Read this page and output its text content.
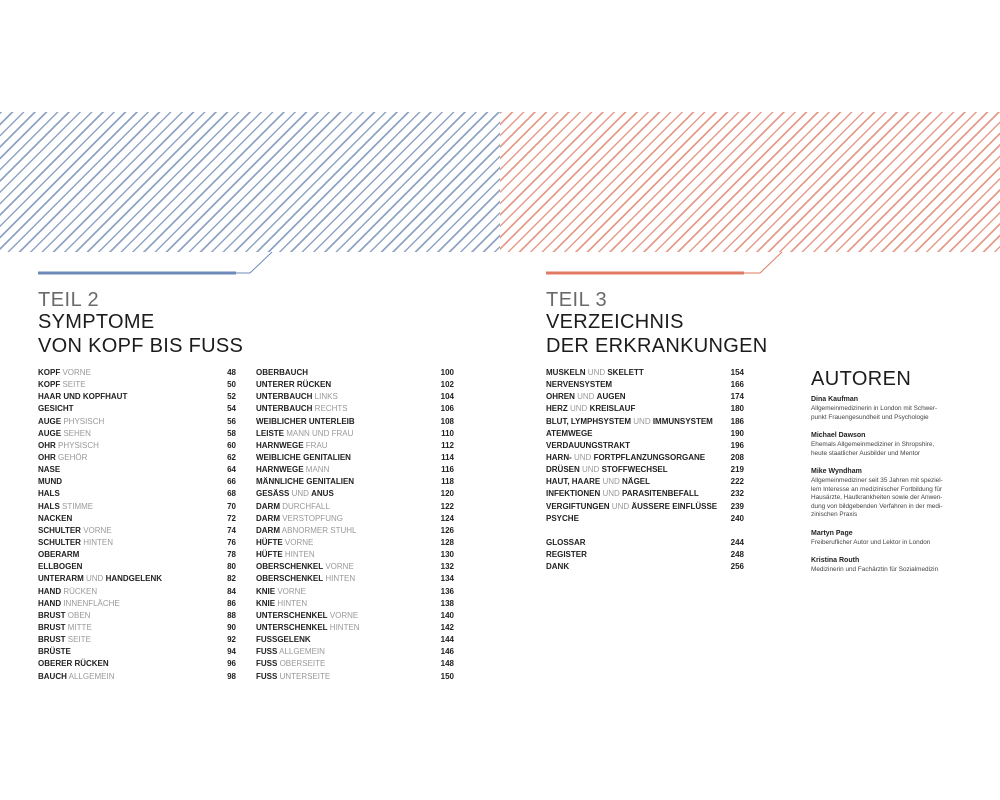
TEIL 2
SYMPTOME
VON KOPF BIS FUSS
TEIL 3
VERZEICHNIS
DER ERKRANKUNGEN
KOPF VORNE	48
KOPF SEITE	50
HAAR UND KOPFHAUT	52
GESICHT	54
AUGE PHYSISCH	56
AUGE SEHEN	58
OHR PHYSISCH	60
OHR GEHÖR	62
NASE	64
MUND	66
HALS	68
HALS STIMME	70
NACKEN	72
SCHULTER VORNE	74
SCHULTER HINTEN	76
OBERARM	78
ELLBOGEN	80
UNTERARM UND HANDGELENK	82
HAND RÜCKEN	84
HAND INNENFLÄCHE	86
BRUST OBEN	88
BRUST MITTE	90
BRUST SEITE	92
BRÜSTE	94
OBERER RÜCKEN	96
BAUCH ALLGEMEIN	98
OBERBAUCH	100
UNTERER RÜCKEN	102
UNTERBAUCH LINKS	104
UNTERBAUCH RECHTS	106
WEIBLICHER UNTERLEIB	108
LEISTE MANN UND FRAU	110
HARNWEGE FRAU	112
WEIBLICHE GENITALIEN	114
HARNWEGE MANN	116
MÄNNLICHE GENITALIEN	118
GESÄSS UND ANUS	120
DARM DURCHFALL	122
DARM VERSTOPFUNG	124
DARM ABNORMER STUHL	126
HÜFTE VORNE	128
HÜFTE HINTEN	130
OBERSCHENKEL VORNE	132
OBERSCHENKEL HINTEN	134
KNIE VORNE	136
KNIE HINTEN	138
UNTERSCHENKEL VORNE	140
UNTERSCHENKEL HINTEN	142
FUSSGELENK	144
FUSS ALLGEMEIN	146
FUSS OBERSEITE	148
FUSS UNTERSEITE	150
MUSKELN UND SKELETT	154
NERVENSYSTEM	166
OHREN UND AUGEN	174
HERZ UND KREISLAUF	180
BLUT, LYMPHSYSTEM UND IMMUNSYSTEM 186
ATEMWEGE	190
VERDAUUNGSTRAKT	196
HARN- UND FORTPFLANZUNGSORGANE	208
DRÜSEN UND STOFFWECHSEL	219
HAUT, HAARE UND NÄGEL	222
INFEKTIONEN UND PARASITENBEFALL	232
VERGIFTUNGEN UND ÄUSSERE EINFLÜSSE 239
PSYCHE	240
GLOSSAR	244
REGISTER	248
DANK	256
AUTOREN
Dina Kaufman
Allgemeinmedizinerin in London mit Schwer-
punkt Frauengesundheit und Psychologie
Michael Dawson
Ehemals Allgemeinmediziner in Shropshire,
heute staatlicher Ausbilder und Mentor
Mike Wyndham
Allgemeinmediziner seit 35 Jahren mit speziel-
lem Interesse an medizinischer Fortbildung für
Hausärzte, Hautkrankheiten sowie der Anwen-
dung von bildgebenden Verfahren in der medi-
zinischen Praxis
Martyn Page
Freiberuflicher Autor und Lektor in London
Kristina Routh
Medizinerin und Fachärztin für Sozialmedizin
